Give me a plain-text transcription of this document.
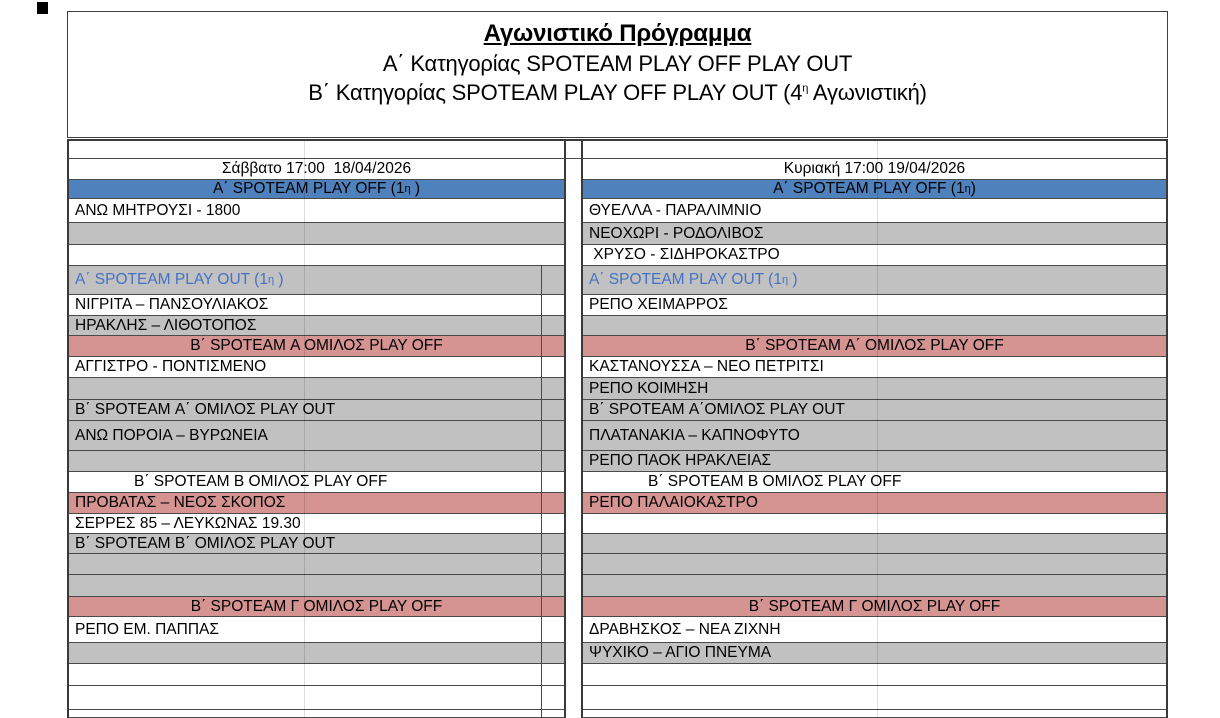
Αγωνιστικό Πρόγραμμα
Α΄ Κατηγορίας SPOTEAM PLAY OFF PLAY OUT
Β΄ Κατηγορίας SPOTEAM PLAY OFF PLAY OUT ($4^\eta$ Αγωνιστική)
Σάββατο 17:00  18/04/2026
Α΄ SPOTEAM PLAY OFF (1 η )
ΑΝΩ ΜΗΤΡΟΥΣΙ - 1800
Α΄ SPOTEAM PLAY OUT (1 η )
ΝΙΓΡΙΤΑ – ΠΑΝΣΟΥΛΙΑΚΟΣ
ΗΡΑΚΛΗΣ – ΛΙΘΟΤΟΠΟΣ
Β΄ SPOTEAM Α ΟΜΙΛΟΣ PLAY OFF
ΑΓΓΙΣΤΡΟ - ΠΟΝΤΙΣΜΕΝΟ
Β΄ SPOTEAM Α΄ ΟΜΙΛΟΣ PLAY OUT
ΑΝΩ ΠΟΡΟΙΑ – ΒΥΡΩΝΕΙΑ
Β΄ SPOTEAM Β ΟΜΙΛΟΣ PLAY OFF
ΠΡΟΒΑΤΑΣ – ΝΕΟΣ ΣΚΟΠΟΣ
ΣΕΡΡΕΣ 85 – ΛΕΥΚΩΝΑΣ 19.30
Β΄ SPOTEAM Β΄ ΟΜΙΛΟΣ PLAY OUT
Β΄ SPOTEAM Γ ΟΜΙΛΟΣ PLAY OFF
ΡΕΠΟ ΕΜ. ΠΑΠΠΑΣ
Κυριακή 17:00 19/04/2026
Α΄ SPOTEAM PLAY OFF (1 η )
ΘΥΕΛΛΑ - ΠΑΡΑΛΙΜΝΙΟ
ΝΕΟΧΩΡΙ - ΡΟΔΟΛΙΒΟΣ
ΧΡΥΣΟ - ΣΙΔΗΡΟΚΑΣΤΡΟ
Α΄ SPOTEAM PLAY OUT (1 η )
ΡΕΠΟ ΧΕΙΜΑΡΡΟΣ
Β΄ SPOTEAM Α΄ ΟΜΙΛΟΣ PLAY OFF
ΚΑΣΤΑΝΟΥΣΣΑ – ΝΕΟ ΠΕΤΡΙΤΣΙ
ΡΕΠΟ ΚΟΙΜΗΣΗ
Β΄ SPOTEAM Α΄ΟΜΙΛΟΣ PLAY OUT
ΠΛΑΤΑΝΑΚΙΑ – ΚΑΠΝΟΦΥΤΟ
ΡΕΠΟ ΠΑΟΚ ΗΡΑΚΛΕΙΑΣ
Β΄ SPOTEAM Β ΟΜΙΛΟΣ PLAY OFF
ΡΕΠΟ ΠΑΛΑΙΟΚΑΣΤΡΟ
Β΄ SPOTEAM Γ ΟΜΙΛΟΣ PLAY OFF
ΔΡΑΒΗΣΚΟΣ – ΝΕΑ ΖΙΧΝΗ
ΨΥΧΙΚΟ – ΑΓΙΟ ΠΝΕΥΜΑ
